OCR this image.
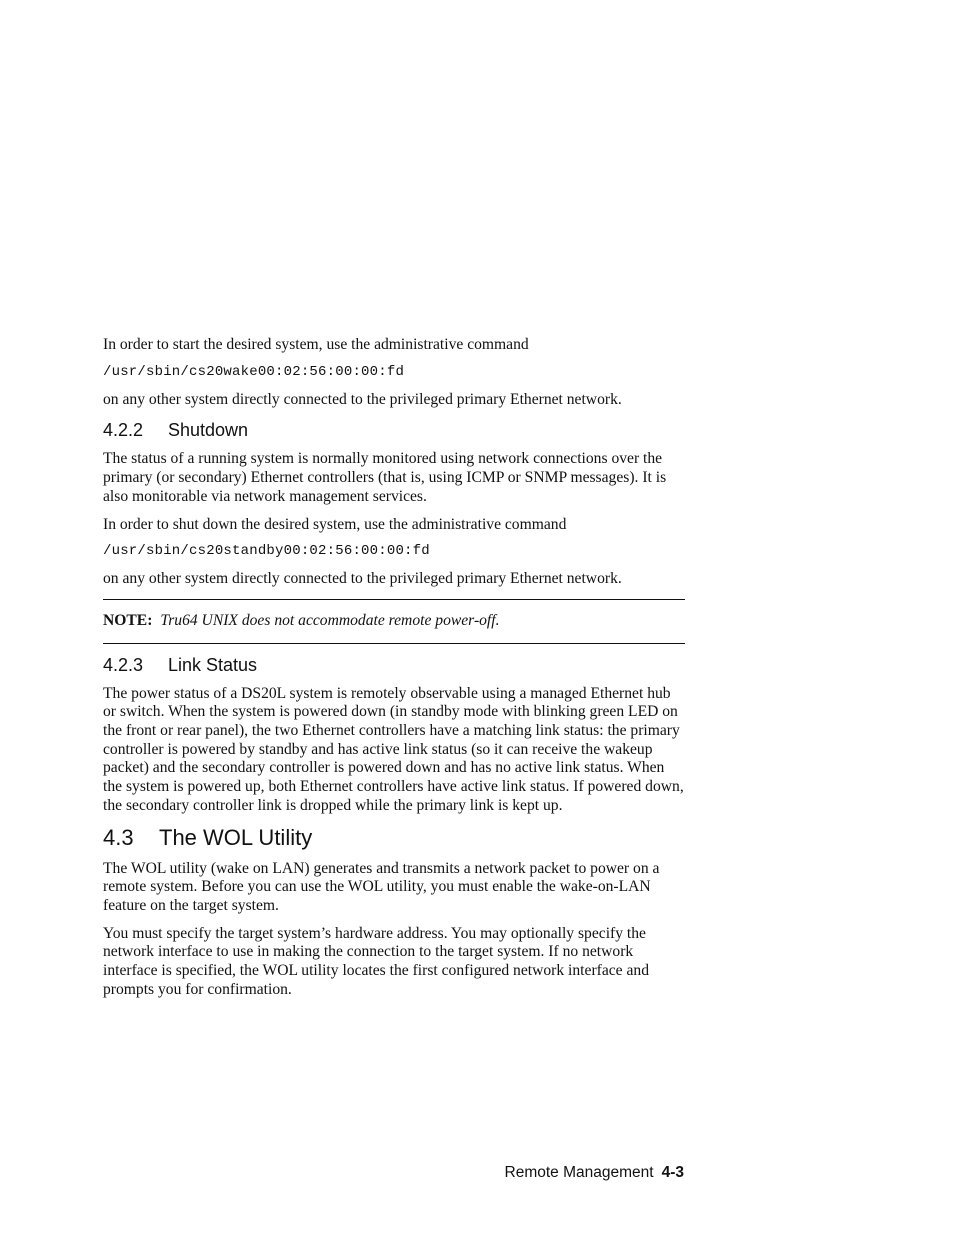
In order to start the desired system, use the administrative command

/usr/sbin/cs20wake00:02:56:00:00:fd

on any other system directly connected to the privileged primary Ethernet network.

4.2.2	Shutdown

The status of a running system is normally monitored using network connections over the primary (or secondary) Ethernet controllers (that is, using ICMP or SNMP messages). It is also monitorable via network management services.

In order to shut down the desired system, use the administrative command

/usr/sbin/cs20standby00:02:56:00:00:fd

on any other system directly connected to the privileged primary Ethernet network.

NOTE: Tru64 UNIX does not accommodate remote power-off.

4.2.3	Link Status

The power status of a DS20L system is remotely observable using a managed Ethernet hub or switch. When the system is powered down (in standby mode with blinking green LED on the front or rear panel), the two Ethernet controllers have a matching link status: the primary controller is powered by standby and has active link status (so it can receive the wakeup packet) and the secondary controller is powered down and has no active link status. When the system is powered up, both Ethernet controllers have active link status. If powered down, the secondary controller link is dropped while the primary link is kept up.

4.3	The WOL Utility

The WOL utility (wake on LAN) generates and transmits a network packet to power on a remote system. Before you can use the WOL utility, you must enable the wake-on-LAN feature on the target system.

You must specify the target system’s hardware address. You may optionally specify the network interface to use in making the connection to the target system. If no network interface is specified, the WOL utility locates the first configured network interface and prompts you for confirmation.

Remote Management 4-3
